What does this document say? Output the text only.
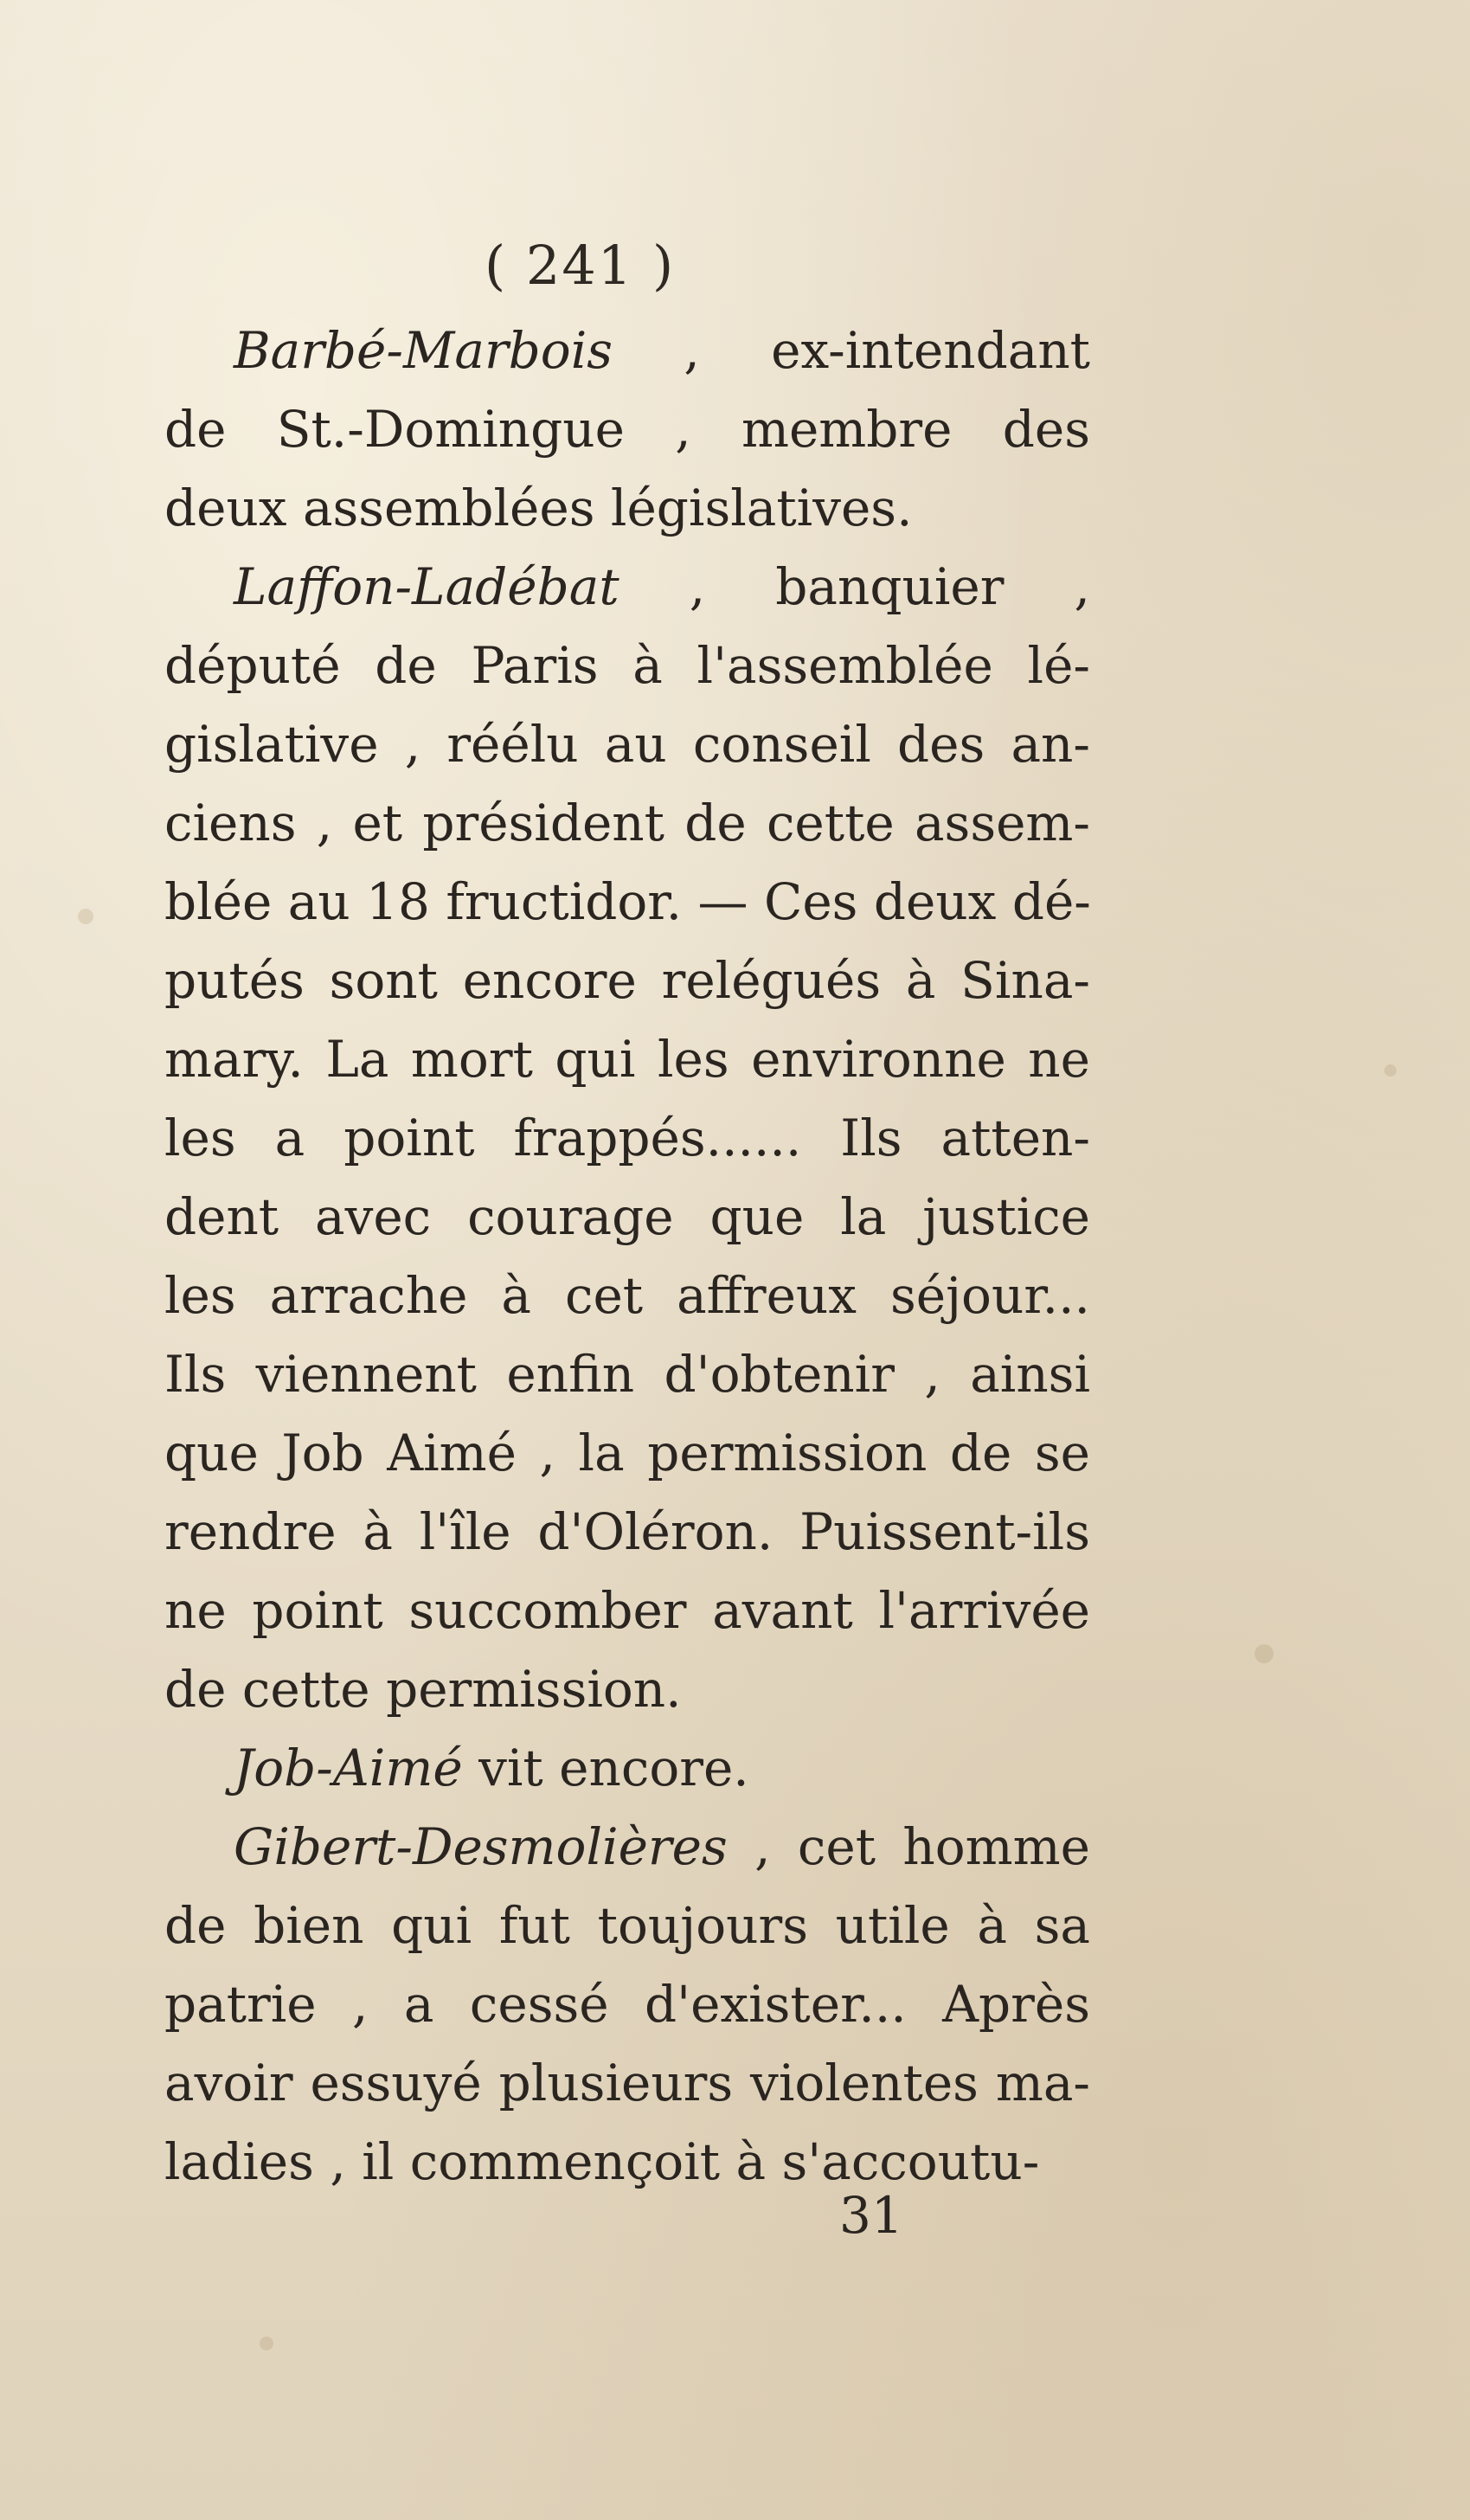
( 241 )
Barbé-Marbois , ex-intendant
de St.-Domingue , membre des
deux assemblées législatives.
Laffon-Ladébat , banquier ,
député de Paris à l'assemblée lé-
gislative , réélu au conseil des an-
ciens , et président de cette assem-
blée au 18 fructidor. — Ces deux dé-
putés sont encore relégués à Sina-
mary. La mort qui les environne ne
les a point frappés...... Ils atten-
dent avec courage que la justice
les arrache à cet affreux séjour...
Ils viennent enfin d'obtenir , ainsi
que Job Aimé , la permission de se
rendre à l'île d'Oléron. Puissent-ils
ne point succomber avant l'arrivée
de cette permission.
Job-Aimé vit encore.
Gibert-Desmolières , cet homme
de bien qui fut toujours utile à sa
patrie , a cessé d'exister... Après
avoir essuyé plusieurs violentes ma-
ladies , il commençoit à s'accoutu-
31
